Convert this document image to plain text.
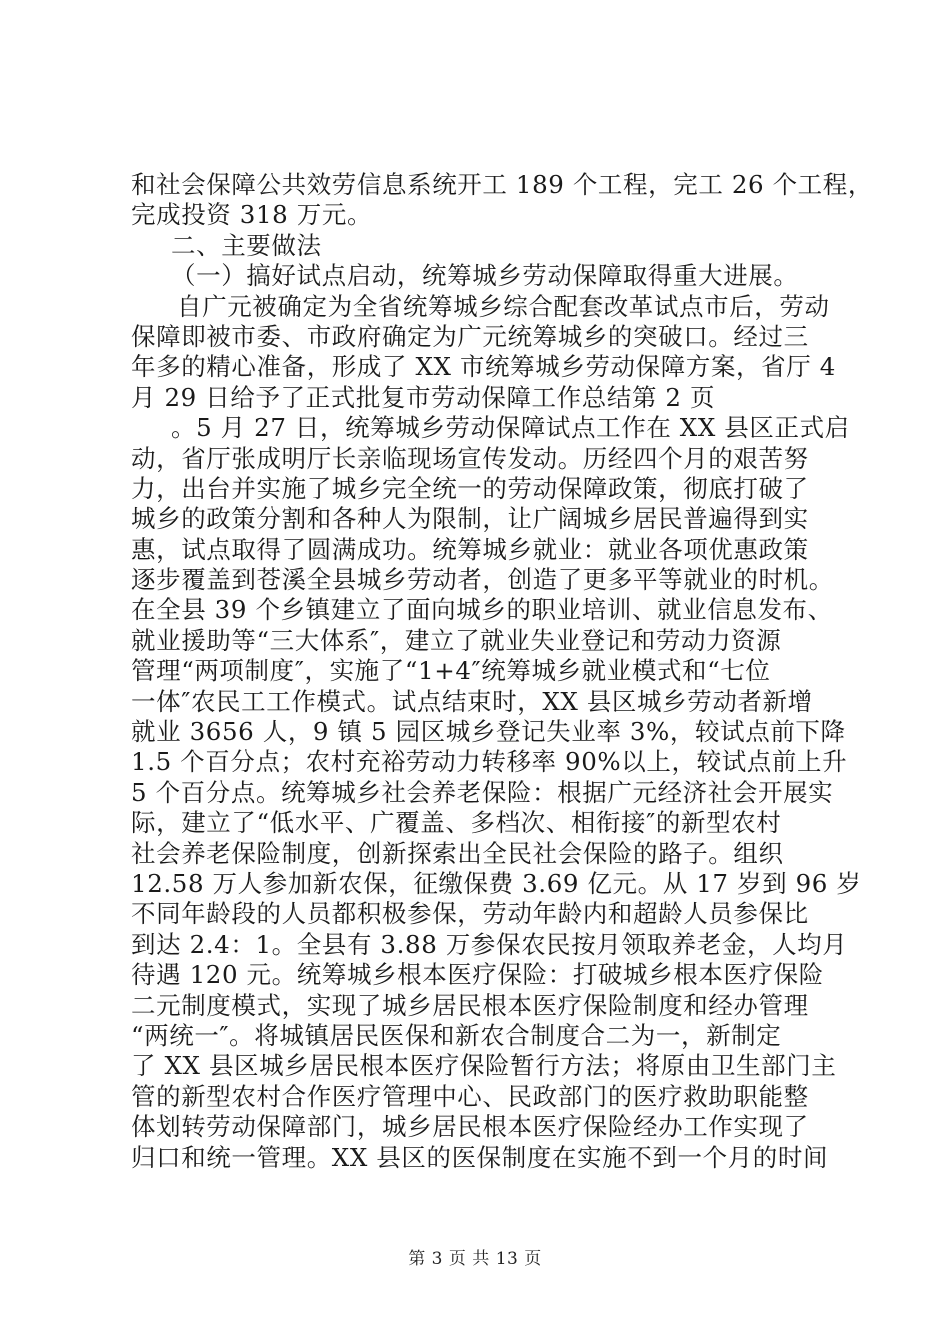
和社会保障公共效劳信息系统开工 189 个工程，完工 26 个工程，
完成投资 318 万元。
二、主要做法
（一）搞好试点启动，统筹城乡劳动保障取得重大进展。
自广元被确定为全省统筹城乡综合配套改革试点市后，劳动
保障即被市委、市政府确定为广元统筹城乡的突破口。经过三
年多的精心准备，形成了 XX 市统筹城乡劳动保障方案，省厅 4
月 29 日给予了正式批复市劳动保障工作总结第 2 页
。5 月 27 日，统筹城乡劳动保障试点工作在 XX 县区正式启
动，省厅张成明厅长亲临现场宣传发动。历经四个月的艰苦努
力，出台并实施了城乡完全统一的劳动保障政策，彻底打破了
城乡的政策分割和各种人为限制，让广阔城乡居民普遍得到实
惠，试点取得了圆满成功。统筹城乡就业：就业各项优惠政策
逐步覆盖到苍溪全县城乡劳动者，创造了更多平等就业的时机。
在全县 39 个乡镇建立了面向城乡的职业培训、就业信息发布、
就业援助等“三大体系″，建立了就业失业登记和劳动力资源
管理“两项制度″，实施了“1+4″统筹城乡就业模式和“七位
一体″农民工工作模式。试点结束时，XX 县区城乡劳动者新增
就业 3656 人，9 镇 5 园区城乡登记失业率 3%，较试点前下降
1.5 个百分点；农村充裕劳动力转移率 90%以上，较试点前上升
5 个百分点。统筹城乡社会养老保险：根据广元经济社会开展实
际，建立了“低水平、广覆盖、多档次、相衔接″的新型农村
社会养老保险制度，创新探索出全民社会保险的路子。组织
12.58 万人参加新农保，征缴保费 3.69 亿元。从 17 岁到 96 岁
不同年龄段的人员都积极参保，劳动年龄内和超龄人员参保比
到达 2.4：1。全县有 3.88 万参保农民按月领取养老金，人均月
待遇 120 元。统筹城乡根本医疗保险：打破城乡根本医疗保险
二元制度模式，实现了城乡居民根本医疗保险制度和经办管理
“两统一″。将城镇居民医保和新农合制度合二为一，新制定
了 XX 县区城乡居民根本医疗保险暂行方法；将原由卫生部门主
管的新型农村合作医疗管理中心、民政部门的医疗救助职能整
体划转劳动保障部门，城乡居民根本医疗保险经办工作实现了
归口和统一管理。XX 县区的医保制度在实施不到一个月的时间
第 3 页 共 13 页
